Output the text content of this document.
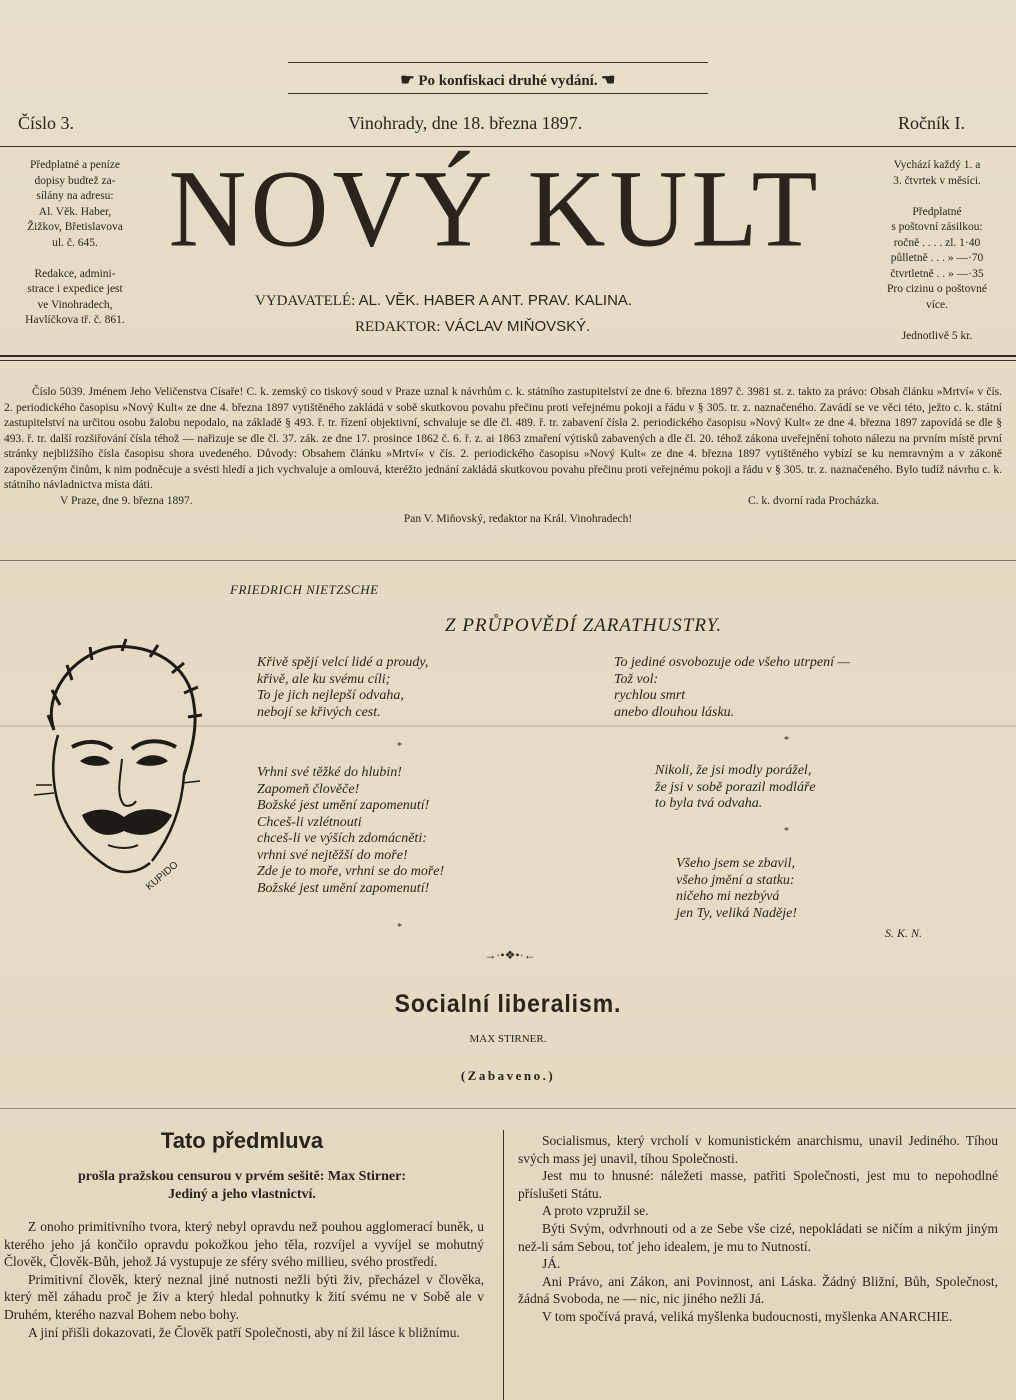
☛ Po konfiskaci druhé vydání. ☛
Číslo 3.	Vinohrady, dne 18. března 1897.	Ročník I.
Předplatné a peníze
dopisy budtež za-
sílány na adresu:
Al. Věk. Haber,
Žižkov, Břetislavova
ul. č. 645.

Redakce, admini-
strace i expedice jest
ve Vinohradech,
Havlíčkova tř. č. 861.
NOVÝ KULT
VYDAVATELÉ: AL. VĚK. HABER A ANT. PRAV. KALINA.
REDAKTOR: VÁCLAV MIŇOVSKÝ.
Vychází každý 1. a
3. čtvrtek v měsíci.

Předplatné
s poštovní zásilkou:
ročně . . . . zl. 1·40
půlletně . . . » —·70
čtvrtletně . . » —·35
Pro cizinu o poštovné
více.

Jednotlivě 5 kr.

Číslo 5039. Jménem Jeho Veličenstva Císaře! C. k. zemský co tiskový soud v Praze uznal k návrhům c. k. státního zastupitelství ze dne 6. března 1897 č. 3981 st. z. takto za právo: Obsah článku »Mrtví« v čís. 2. periodického časopisu »Nový Kult« ze dne 4. března 1897 vytištěného zakládá v sobě skutkovou povahu přečinu proti veřejnému pokoji a řádu v § 305. tr. z. naznačeného. Zavádí se ve věci této, ježto c. k. státní zastupitelství na určitou osobu žalobu nepodalo, na základě § 493. ř. tr. řízení objektivní, schvaluje se dle čl. 489. ř. tr. zabavení čísla 2. periodického časopisu »Nový Kult« ze dne 4. března 1897 zapovídá se dle § 493. ř. tr. další rozšiřování čísla téhož — nařizuje se dle čl. 37. zák. ze dne 17. prosince 1862 č. 6. ř. z. ai 1863 zmaření výtisků zabavených a dle čl. 20. téhož zákona uveřejnění tohoto nálezu na prvním místě první stránky nejbližšího čísla časopisu shora uvedeného. Důvody: Obsahem článku »Mrtví« v čís. 2. periodického časopisu »Nový Kult« ze dne 4. března 1897 vytištěného vybízí se ku nemravným a v zákoně zapovězeným činům, k nim podněcuje a svésti hledí a jich vychvaluje a omlouvá, kteréžto jednání zakládá skutkovou povahu přečinu proti veřejnému pokoji a řádu v § 305. tr. z. naznačeného. Bylo tudíž návrhu c. k. státního návladnictva místa dáti.

V Praze, dne 9. března 1897.	C. k. dvorní rada Procházka.
Pan V. Miňovský, redaktor na Král. Vinohradech!
FRIEDRICH NIETZSCHE
Z PRŮPOVĚDÍ ZARATHUSTRY.
KUPIDO
Křivě spějí velcí lidé a proudy,
křivě, ale ku svému cíli;
To je jich nejlepší odvaha,
nebojí se křivých cest.
*
Vrhni své těžké do hlubin!
Zapomeň člověče!
Božské jest umění zapomenutí!
Chceš-li vzlétnouti
chceš-li ve výších zdomácněti:
vrhni své nejtěžší do moře!
Zde je to moře, vrhni se do moře!
Božské jest umění zapomenutí!
*
To jediné osvobozuje ode všeho utrpení —
Tož vol:
rychlou smrt
anebo dlouhou lásku.
*
Nikoli, že jsi modly porážel,
že jsi v sobě porazil modláře
to byla tvá odvaha.
*
Všeho jsem se zbavil,
všeho jmění a statku:
ničeho mi nezbývá
jen Ty, veliká Naděje!
S. K. N.
→·•❖•·←
Socialní liberalism.
MAX STIRNER.
(Zabaveno.)
Tato předmluva
prošla pražskou censurou v prvém sešitě: Max Stirner:
Jediný a jeho vlastnictví.

Z onoho primitivního tvora, který nebyl opravdu než pouhou agglomerací buněk, u kterého jeho já končilo opravdu pokožkou jeho těla, rozvíjel a vyvíjel se mohutný Člověk, Člověk-Bůh, jehož Já vystupuje ze sféry svého millieu, svého prostředí.

Primitivní člověk, který neznal jiné nutnosti nežli býti živ, přecházel v člověka, který měl záhadu proč je živ a který hledal pohnutky k žití svému ne v Sobě ale v Druhém, kterého nazval Bohem nebo bohy.

A jiní přišli dokazovati, že Člověk patří Společnosti, aby ní žil lásce k bližnímu.

Socialismus, který vrcholí v komunistickém anarchismu, unavil Jediného. Tíhou svých mass jej unavil, tíhou Společnosti.

Jest mu to hnusné: náležeti masse, patřiti Společnosti, jest mu to nepohodlné příslušeti Státu.

A proto vzpružil se.

Býti Svým, odvrhnouti od a ze Sebe vše cizé, nepokládati se ničím a nikým jiným než-li sám Sebou, toť jeho idealem, je mu to Nutností.

JÁ.

Ani Právo, ani Zákon, ani Povinnost, ani Láska. Žádný Bližní, Bůh, Společnost, žádná Svoboda, ne — nic, nic jiného nežli Já.

V tom spočívá pravá, veliká myšlenka budoucnosti, myšlenka ANARCHIE.
